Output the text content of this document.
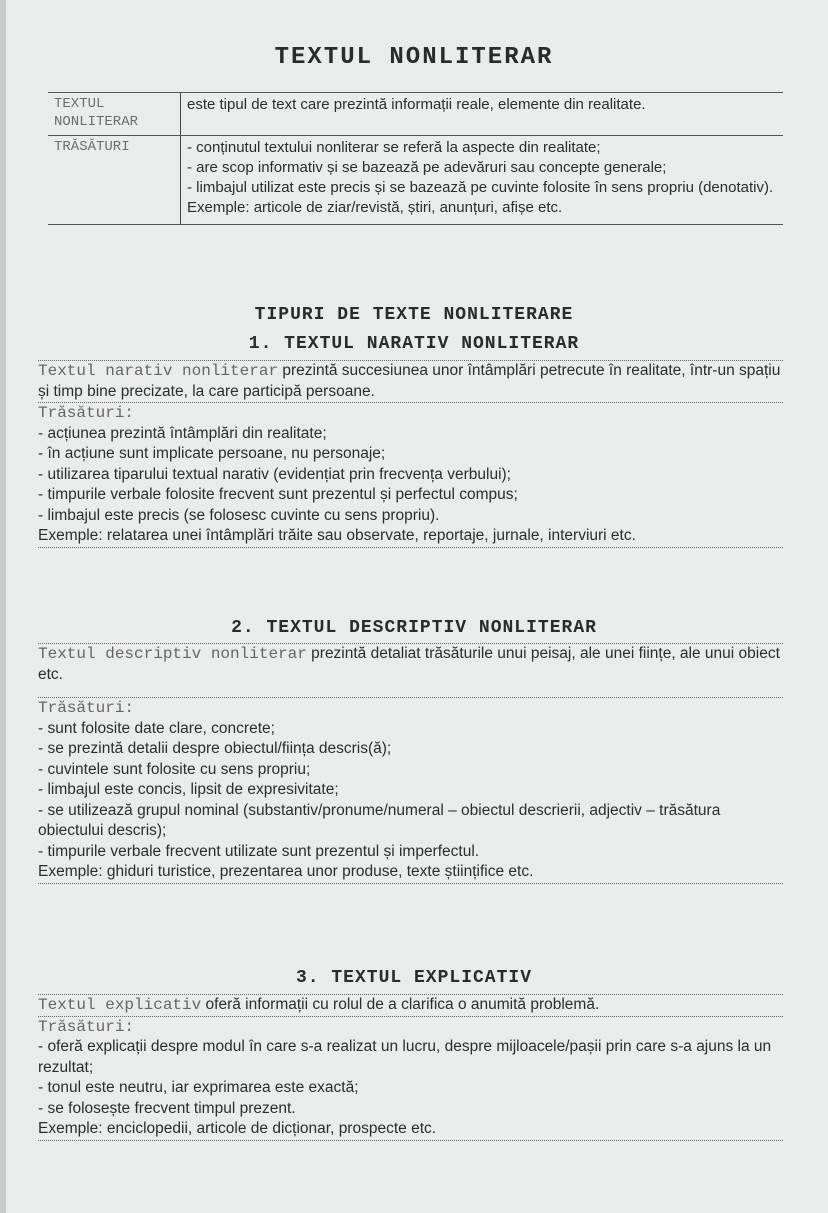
TEXTUL NONLITERAR
TEXTUL NONLITERAR	este tipul de text care prezintă informații reale, elemente din realitate.
TRĂSĂTURI	- conținutul textului nonliterar se referă la aspecte din realitate;
- are scop informativ și se bazează pe adevăruri sau concepte generale;
- limbajul utilizat este precis și se bazează pe cuvinte folosite în sens propriu (denotativ).
Exemple: articole de ziar/revistă, știri, anunțuri, afișe etc.
TIPURI DE TEXTE NONLITERARE
1. TEXTUL NARATIV NONLITERAR
Textul narativ nonliterar prezintă succesiunea unor întâmplări petrecute în realitate, într-un spațiu și timp bine precizate, la care participă persoane.
Trăsături:
- acțiunea prezintă întâmplări din realitate;
- în acțiune sunt implicate persoane, nu personaje;
- utilizarea tiparului textual narativ (evidențiat prin frecvența verbului);
- timpurile verbale folosite frecvent sunt prezentul și perfectul compus;
- limbajul este precis (se folosesc cuvinte cu sens propriu).
Exemple: relatarea unei întâmplări trăite sau observate, reportaje, jurnale, interviuri etc.
2. TEXTUL DESCRIPTIV NONLITERAR
Textul descriptiv nonliterar prezintă detaliat trăsăturile unui peisaj, ale unei ființe, ale unui obiect etc.
Trăsături:
- sunt folosite date clare, concrete;
- se prezintă detalii despre obiectul/ființa descris(ă);
- cuvintele sunt folosite cu sens propriu;
- limbajul este concis, lipsit de expresivitate;
- se utilizează grupul nominal (substantiv/pronume/numeral – obiectul descrierii, adjectiv – trăsătura obiectului descris);
- timpurile verbale frecvent utilizate sunt prezentul și imperfectul.
Exemple: ghiduri turistice, prezentarea unor produse, texte științifice etc.
3. TEXTUL EXPLICATIV
Textul explicativ oferă informații cu rolul de a clarifica o anumită problemă.
Trăsături:
- oferă explicații despre modul în care s-a realizat un lucru, despre mijloacele/pașii prin care s-a ajuns la un rezultat;
- tonul este neutru, iar exprimarea este exactă;
- se folosește frecvent timpul prezent.
Exemple: enciclopedii, articole de dicționar, prospecte etc.
